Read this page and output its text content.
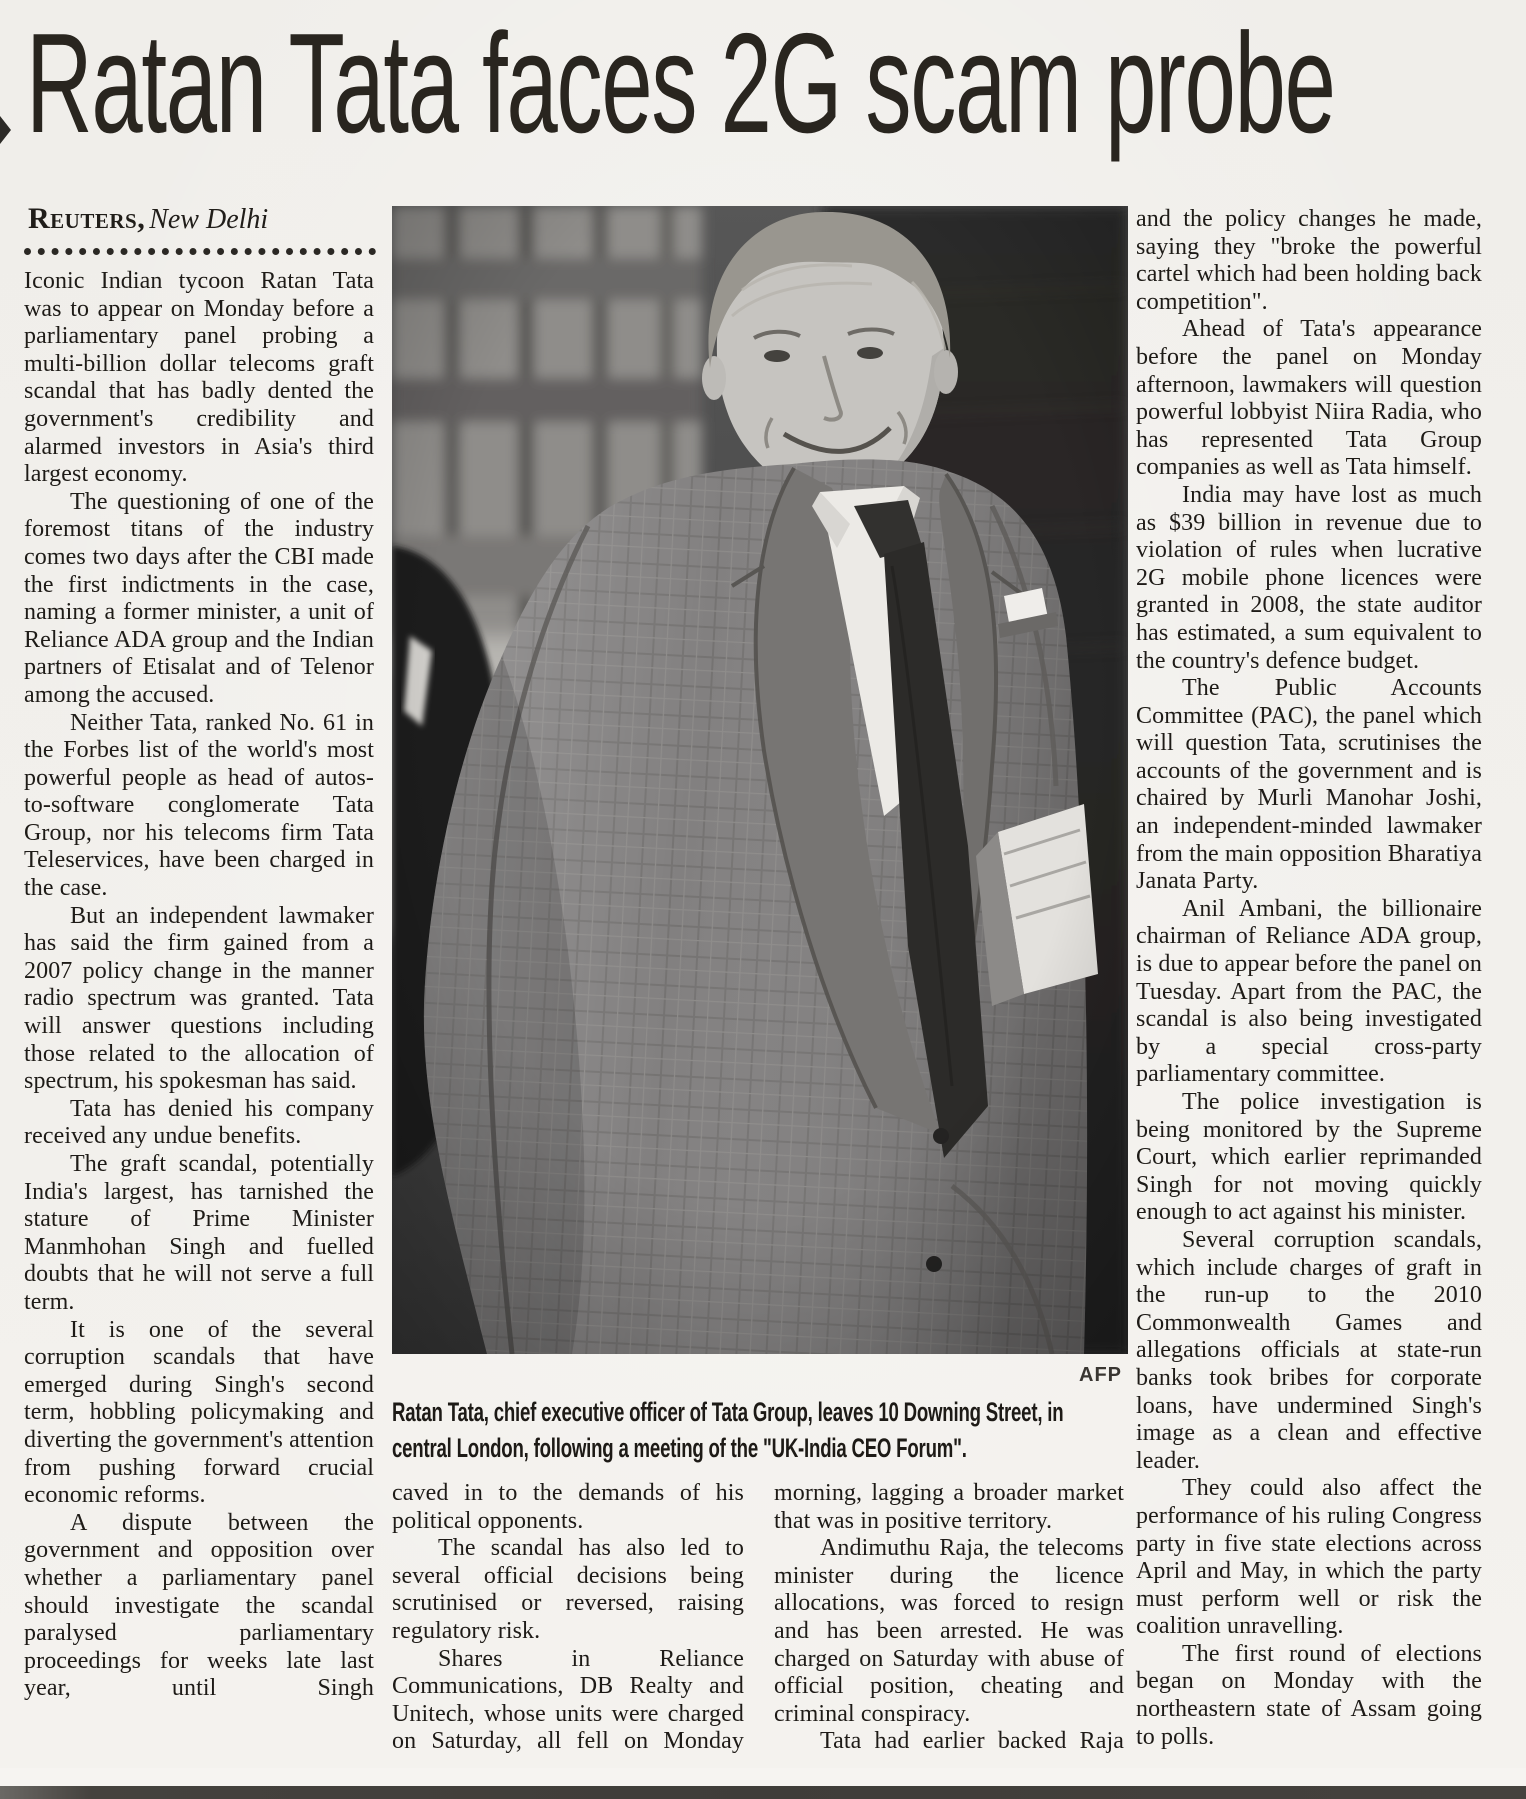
Ratan Tata faces 2G scam probe
Reuters, New Delhi

Iconic Indian tycoon Ratan Tata was to appear on Monday before a parliamentary panel probing a multi-billion dollar telecoms graft scandal that has badly dented the government's credibility and alarmed investors in Asia's third largest economy.

The questioning of one of the foremost titans of the industry comes two days after the CBI made the first indictments in the case, naming a former minister, a unit of Reliance ADA group and the Indian partners of Etisalat and of Telenor among the accused.

Neither Tata, ranked No. 61 in the Forbes list of the world's most powerful people as head of autos-to-software conglomerate Tata Group, nor his telecoms firm Tata Teleservices, have been charged in the case.

But an independent lawmaker has said the firm gained from a 2007 policy change in the manner radio spectrum was granted. Tata will answer questions including those related to the allocation of spectrum, his spokesman has said.

Tata has denied his company received any undue benefits.

The graft scandal, potentially India's largest, has tarnished the stature of Prime Minister Manmhohan Singh and fuelled doubts that he will not serve a full term.

It is one of the several corruption scandals that have emerged during Singh's second term, hobbling policymaking and diverting the government's attention from pushing forward crucial economic reforms.

A dispute between the government and opposition over whether a parliamentary panel should investigate the scandal paralysed parliamentary proceedings for weeks late last year, until Singh

AFP
Ratan Tata, chief executive officer of Tata Group, leaves 10 Downing Street, in central London, following a meeting of the "UK-India CEO Forum".

caved in to the demands of his political opponents.

The scandal has also led to several official decisions being scrutinised or reversed, raising regulatory risk.

Shares in Reliance Communications, DB Realty and Unitech, whose units were charged on Saturday, all fell on Monday

morning, lagging a broader market that was in positive territory.

Andimuthu Raja, the telecoms minister during the licence allocations, was forced to resign and has been arrested. He was charged on Saturday with abuse of official position, cheating and criminal conspiracy.

Tata had earlier backed Raja

and the policy changes he made, saying they "broke the powerful cartel which had been holding back competition".

Ahead of Tata's appearance before the panel on Monday afternoon, lawmakers will question powerful lobbyist Niira Radia, who has represented Tata Group companies as well as Tata himself.

India may have lost as much as $39 billion in revenue due to violation of rules when lucrative 2G mobile phone licences were granted in 2008, the state auditor has estimated, a sum equivalent to the country's defence budget.

The Public Accounts Committee (PAC), the panel which will question Tata, scrutinises the accounts of the government and is chaired by Murli Manohar Joshi, an independent-minded lawmaker from the main opposition Bharatiya Janata Party.

Anil Ambani, the billionaire chairman of Reliance ADA group, is due to appear before the panel on Tuesday. Apart from the PAC, the scandal is also being investigated by a special cross-party parliamentary committee.

The police investigation is being monitored by the Supreme Court, which earlier reprimanded Singh for not moving quickly enough to act against his minister.

Several corruption scandals, which include charges of graft in the run-up to the 2010 Commonwealth Games and allegations officials at state-run banks took bribes for corporate loans, have undermined Singh's image as a clean and effective leader.

They could also affect the performance of his ruling Congress party in five state elections across April and May, in which the party must perform well or risk the coalition unravelling.

The first round of elections began on Monday with the northeastern state of Assam going to polls.
